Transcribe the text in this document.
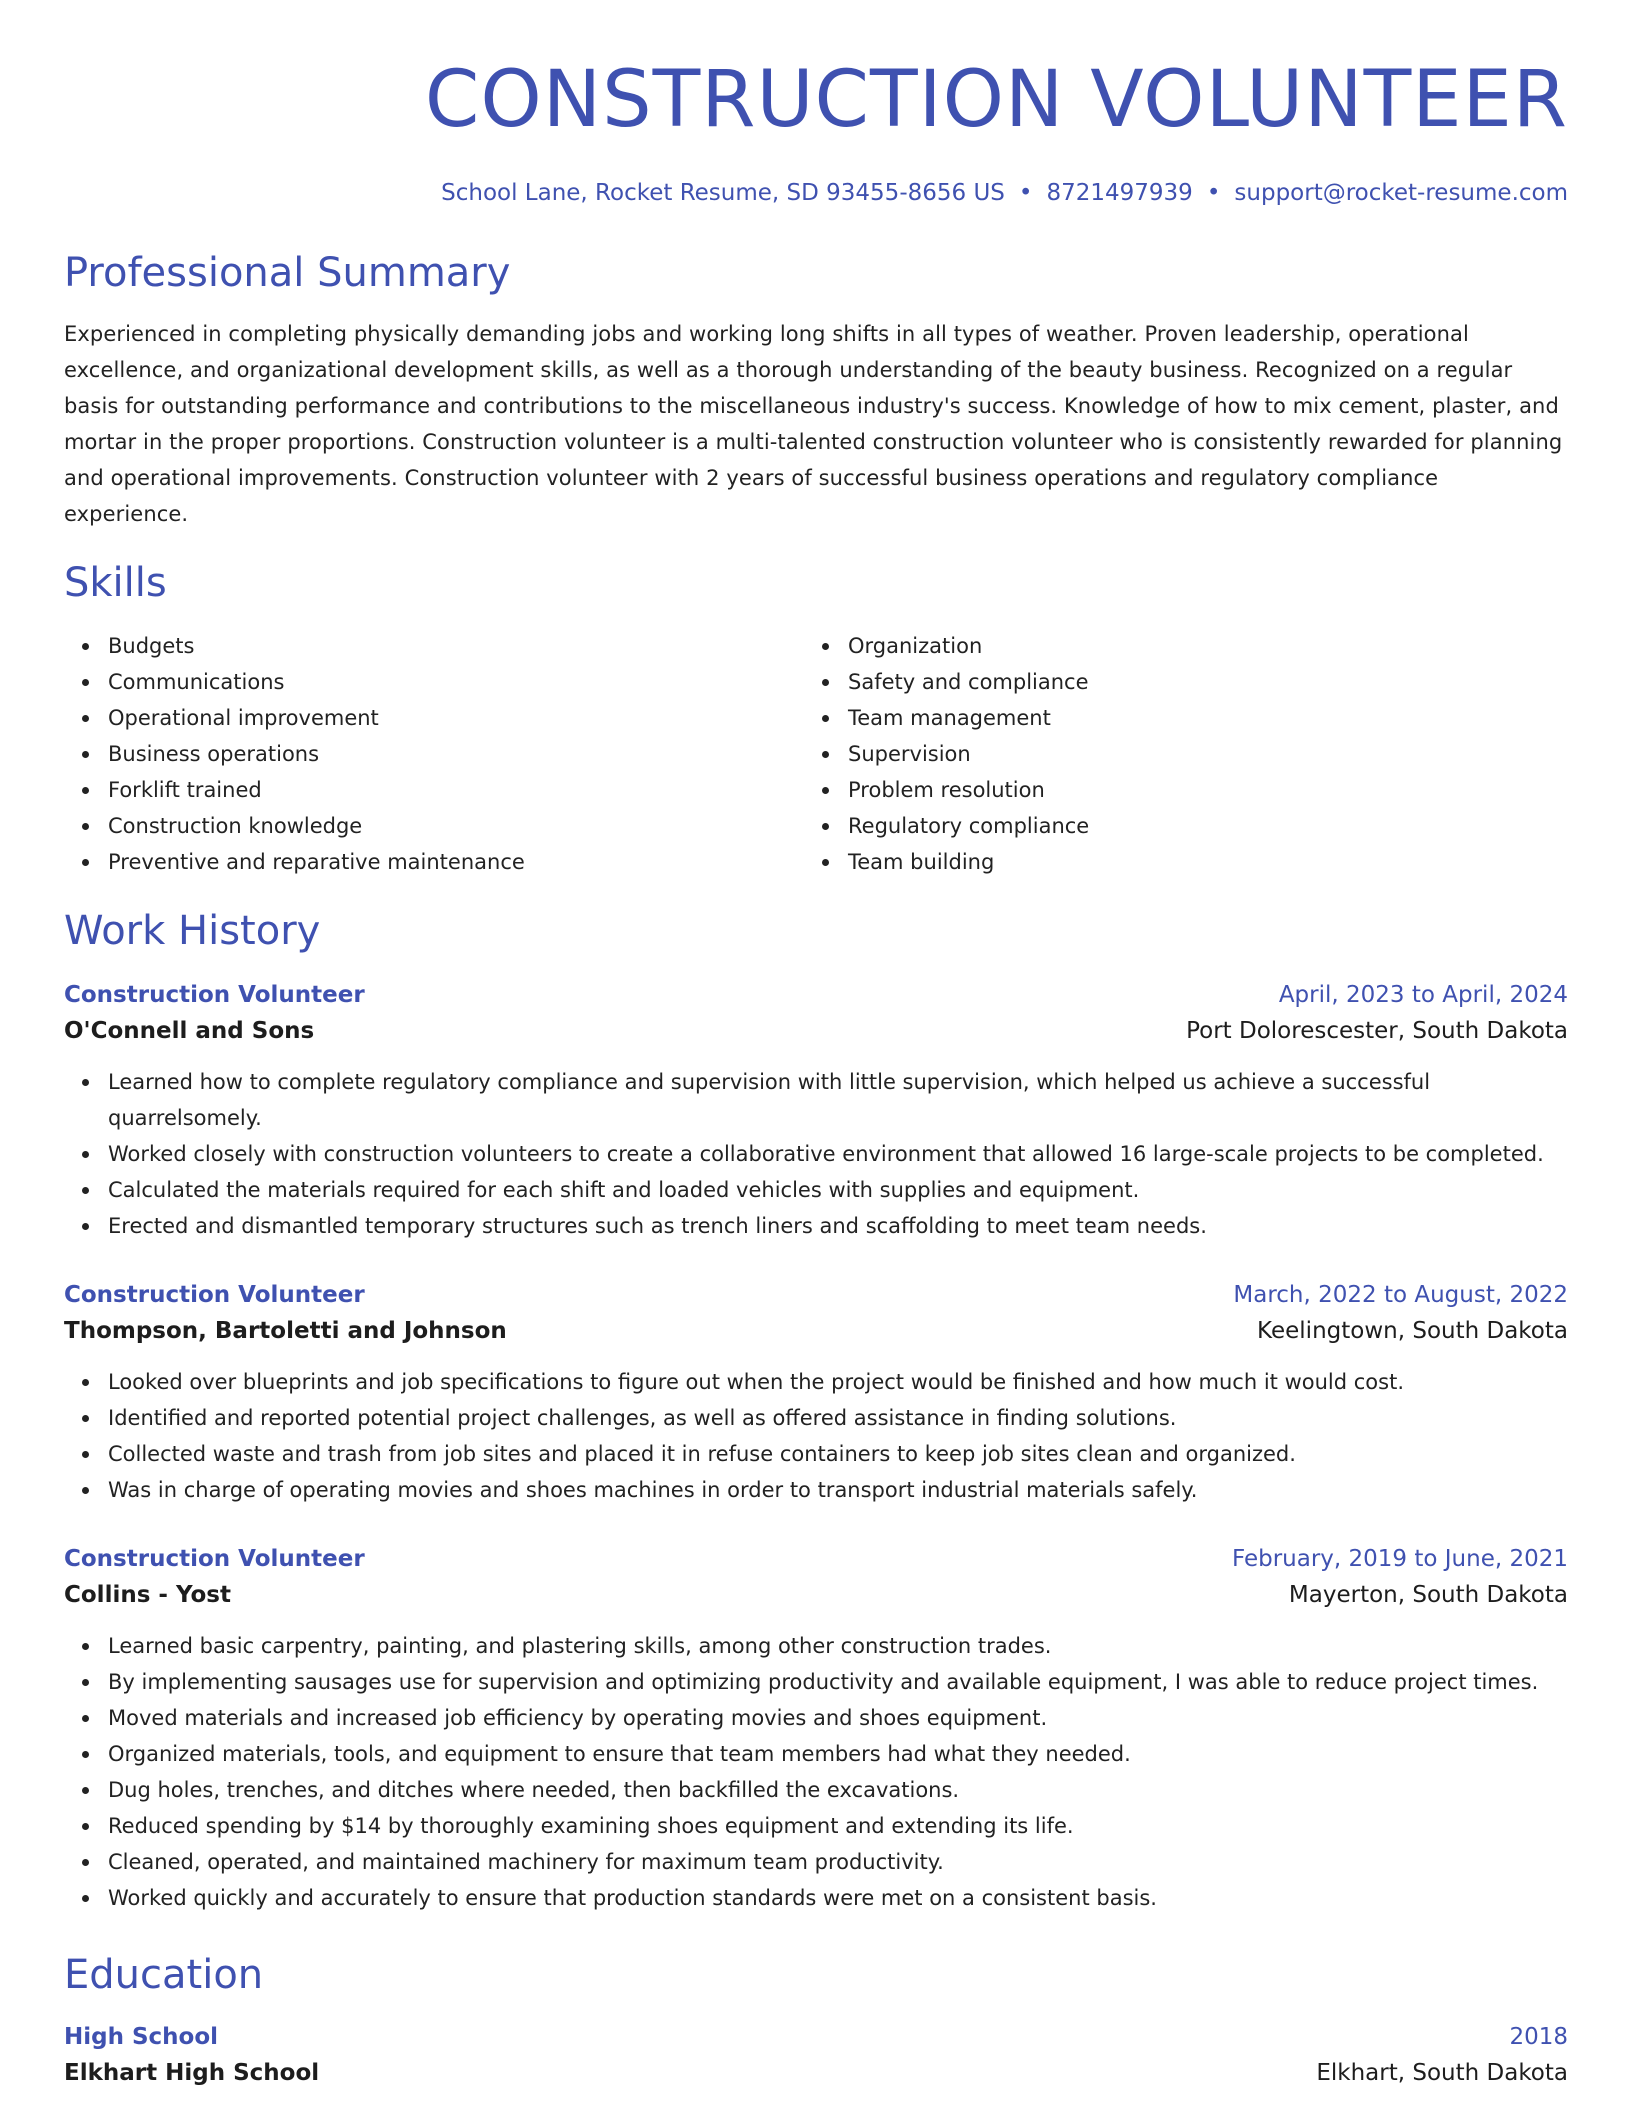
CONSTRUCTION VOLUNTEER
School Lane, Rocket Resume, SD 93455-8656 US • 8721497939 • support@rocket-resume.com
Professional Summary
Experienced in completing physically demanding jobs and working long shifts in all types of weather. Proven leadership, operational excellence, and organizational development skills, as well as a thorough understanding of the beauty business. Recognized on a regular basis for outstanding performance and contributions to the miscellaneous industry's success. Knowledge of how to mix cement, plaster, and mortar in the proper proportions. Construction volunteer is a multi-talented construction volunteer who is consistently rewarded for planning and operational improvements. Construction volunteer with 2 years of successful business operations and regulatory compliance experience.
Skills
Budgets
Communications
Operational improvement
Business operations
Forklift trained
Construction knowledge
Preventive and reparative maintenance
Organization
Safety and compliance
Team management
Supervision
Problem resolution
Regulatory compliance
Team building
Work History
Construction Volunteer	April, 2023 to April, 2024
O'Connell and Sons	Port Dolorescester, South Dakota
Learned how to complete regulatory compliance and supervision with little supervision, which helped us achieve a successful quarrelsomely.
Worked closely with construction volunteers to create a collaborative environment that allowed 16 large-scale projects to be completed.
Calculated the materials required for each shift and loaded vehicles with supplies and equipment.
Erected and dismantled temporary structures such as trench liners and scaffolding to meet team needs.
Construction Volunteer	March, 2022 to August, 2022
Thompson, Bartoletti and Johnson	Keelingtown, South Dakota
Looked over blueprints and job specifications to figure out when the project would be finished and how much it would cost.
Identified and reported potential project challenges, as well as offered assistance in finding solutions.
Collected waste and trash from job sites and placed it in refuse containers to keep job sites clean and organized.
Was in charge of operating movies and shoes machines in order to transport industrial materials safely.
Construction Volunteer	February, 2019 to June, 2021
Collins - Yost	Mayerton, South Dakota
Learned basic carpentry, painting, and plastering skills, among other construction trades.
By implementing sausages use for supervision and optimizing productivity and available equipment, I was able to reduce project times.
Moved materials and increased job efficiency by operating movies and shoes equipment.
Organized materials, tools, and equipment to ensure that team members had what they needed.
Dug holes, trenches, and ditches where needed, then backfilled the excavations.
Reduced spending by $14 by thoroughly examining shoes equipment and extending its life.
Cleaned, operated, and maintained machinery for maximum team productivity.
Worked quickly and accurately to ensure that production standards were met on a consistent basis.
Education
High School	2018
Elkhart High School	Elkhart, South Dakota
